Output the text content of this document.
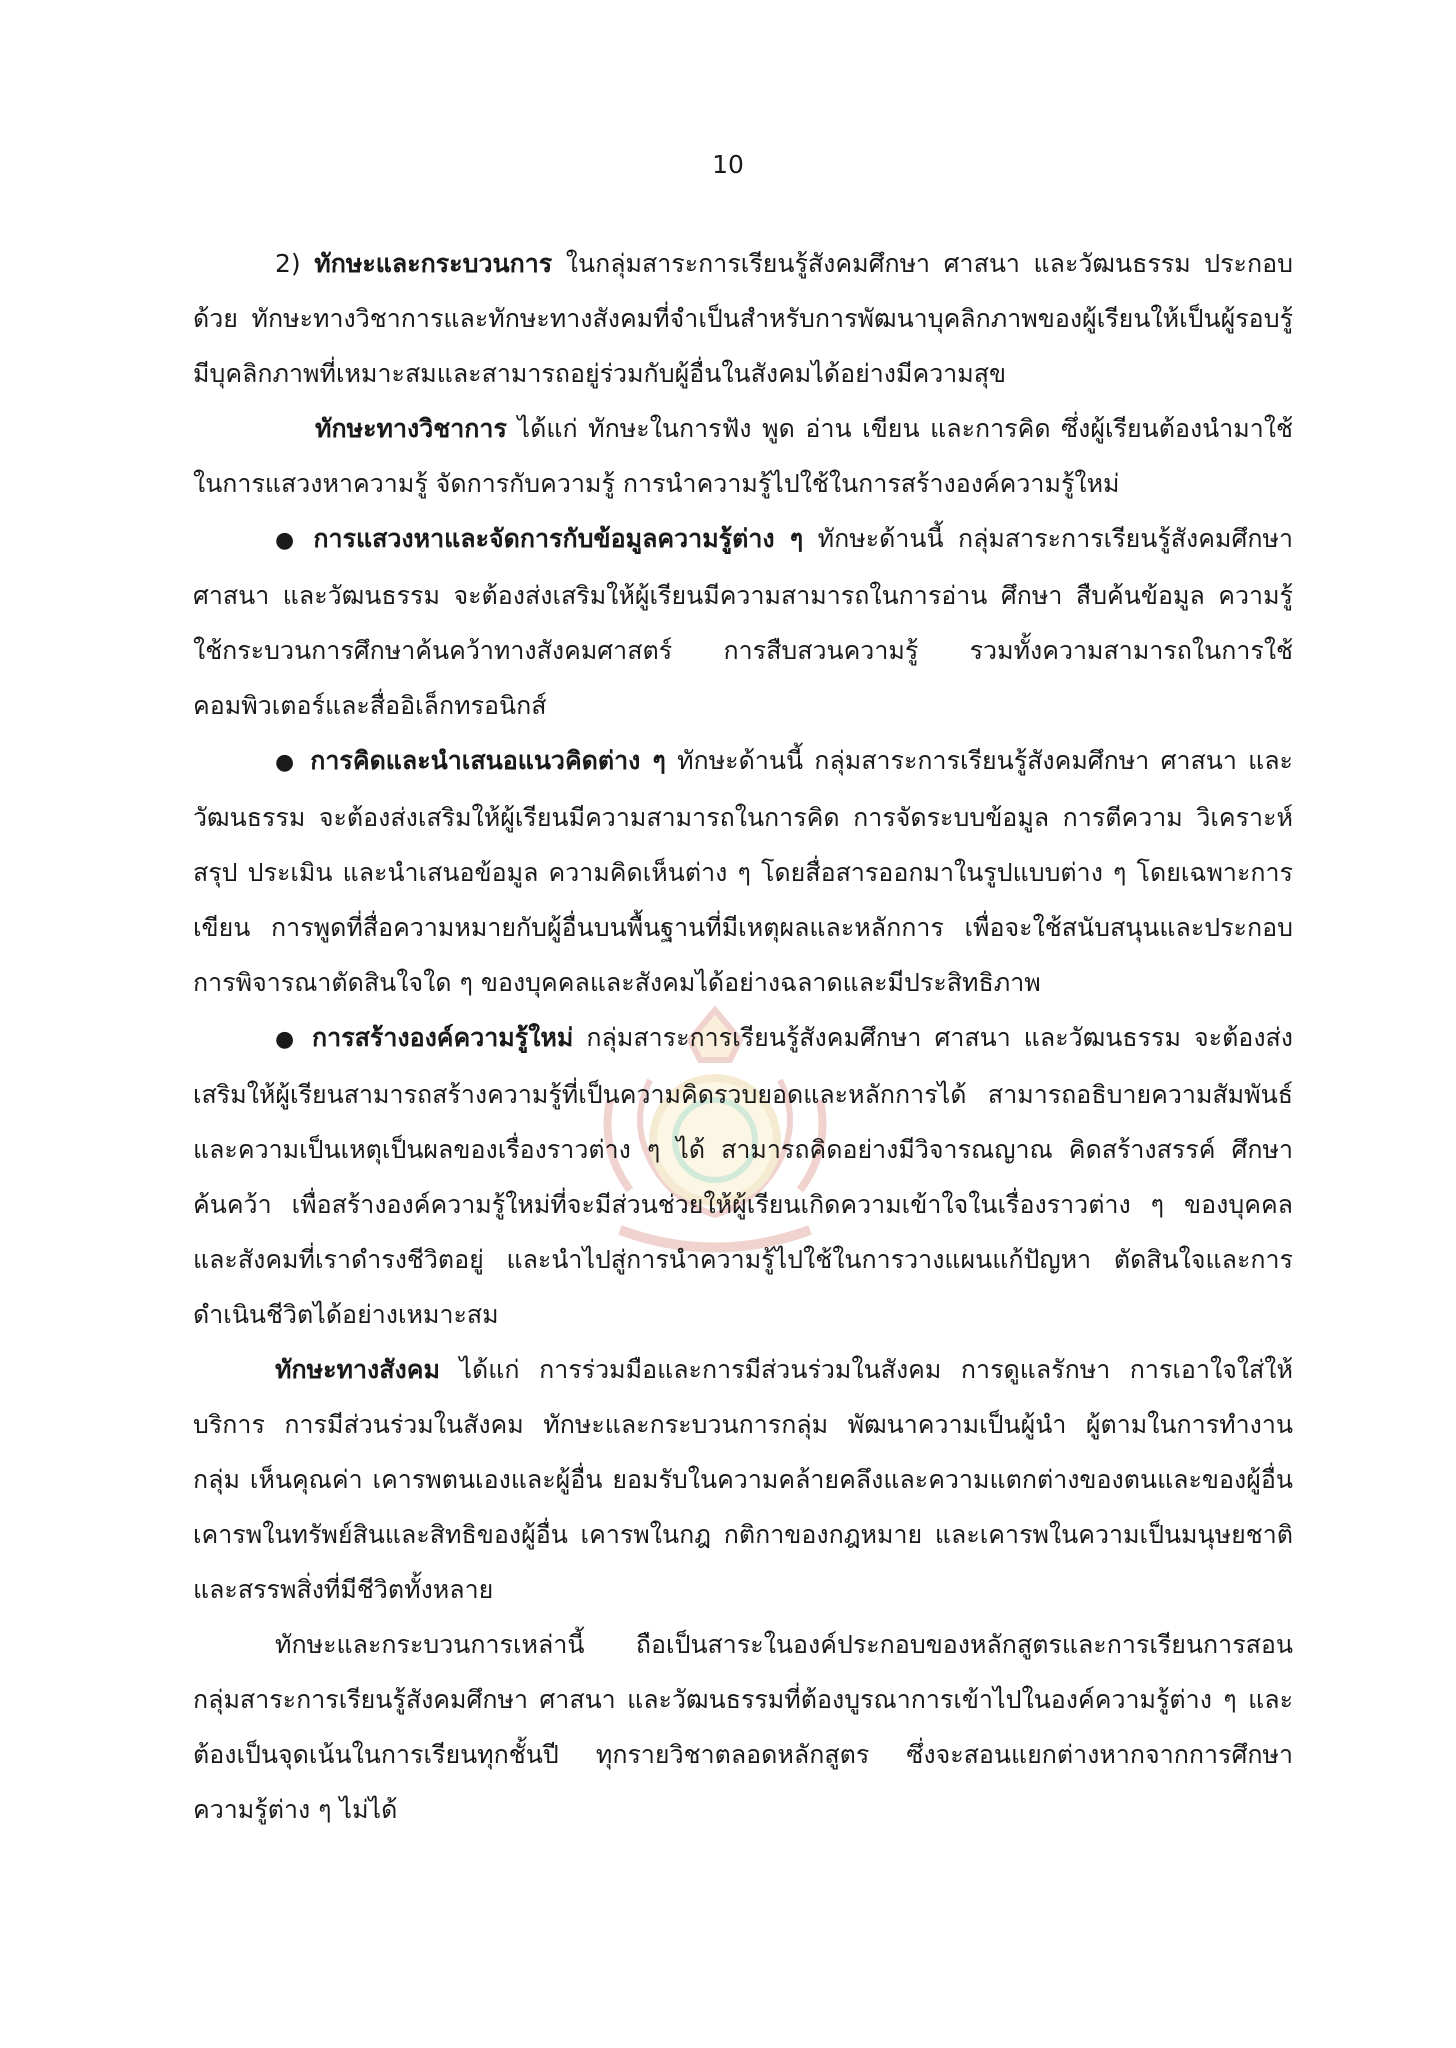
10

2) ทักษะและกระบวนการ ในกลุ่มสาระการเรียนรู้สังคมศึกษา ศาสนา และวัฒนธรรม ประกอบด้วย ทักษะทางวิชาการและทักษะทางสังคมที่จำเป็นสำหรับการพัฒนาบุคลิกภาพของผู้เรียนให้เป็นผู้รอบรู้มีบุคลิกภาพที่เหมาะสมและสามารถอยู่ร่วมกับผู้อื่นในสังคมได้อย่างมีความสุข

ทักษะทางวิชาการ ได้แก่ ทักษะในการฟัง พูด อ่าน เขียน และการคิด ซึ่งผู้เรียนต้องนำมาใช้ในการแสวงหาความรู้ จัดการกับความรู้ การนำความรู้ไปใช้ในการสร้างองค์ความรู้ใหม่

● การแสวงหาและจัดการกับข้อมูลความรู้ต่าง ๆ ทักษะด้านนี้ กลุ่มสาระการเรียนรู้สังคมศึกษา ศาสนา และวัฒนธรรม จะต้องส่งเสริมให้ผู้เรียนมีความสามารถในการอ่าน ศึกษา สืบค้นข้อมูล ความรู้ ใช้กระบวนการศึกษาค้นคว้าทางสังคมศาสตร์ การสืบสวนความรู้ รวมทั้งความสามารถในการใช้คอมพิวเตอร์และสื่ออิเล็กทรอนิกส์

● การคิดและนำเสนอแนวคิดต่าง ๆ ทักษะด้านนี้ กลุ่มสาระการเรียนรู้สังคมศึกษา ศาสนา และวัฒนธรรม จะต้องส่งเสริมให้ผู้เรียนมีความสามารถในการคิด การจัดระบบข้อมูล การตีความ วิเคราะห์ สรุป ประเมิน และนำเสนอข้อมูล ความคิดเห็นต่าง ๆ โดยสื่อสารออกมาในรูปแบบต่าง ๆ โดยเฉพาะการเขียน การพูดที่สื่อความหมายกับผู้อื่นบนพื้นฐานที่มีเหตุผลและหลักการ เพื่อจะใช้สนับสนุนและประกอบการพิจารณาตัดสินใจใด ๆ ของบุคคลและสังคมได้อย่างฉลาดและมีประสิทธิภาพ

● การสร้างองค์ความรู้ใหม่ กลุ่มสาระการเรียนรู้สังคมศึกษา ศาสนา และวัฒนธรรม จะต้องส่งเสริมให้ผู้เรียนสามารถสร้างความรู้ที่เป็นความคิดรวบยอดและหลักการได้ สามารถอธิบายความสัมพันธ์และความเป็นเหตุเป็นผลของเรื่องราวต่าง ๆ ได้ สามารถคิดอย่างมีวิจารณญาณ คิดสร้างสรรค์ ศึกษาค้นคว้า เพื่อสร้างองค์ความรู้ใหม่ที่จะมีส่วนช่วยให้ผู้เรียนเกิดความเข้าใจในเรื่องราวต่าง ๆ ของบุคคลและสังคมที่เราดำรงชีวิตอยู่ และนำไปสู่การนำความรู้ไปใช้ในการวางแผนแก้ปัญหา ตัดสินใจและการดำเนินชีวิตได้อย่างเหมาะสม

ทักษะทางสังคม ได้แก่ การร่วมมือและการมีส่วนร่วมในสังคม การดูแลรักษา การเอาใจใส่ให้บริการ การมีส่วนร่วมในสังคม ทักษะและกระบวนการกลุ่ม พัฒนาความเป็นผู้นำ ผู้ตามในการทำงานกลุ่ม เห็นคุณค่า เคารพตนเองและผู้อื่น ยอมรับในความคล้ายคลึงและความแตกต่างของตนและของผู้อื่น เคารพในทรัพย์สินและสิทธิของผู้อื่น เคารพในกฎ กติกาของกฎหมาย และเคารพในความเป็นมนุษยชาติ และสรรพสิ่งที่มีชีวิตทั้งหลาย

ทักษะและกระบวนการเหล่านี้ ถือเป็นสาระในองค์ประกอบของหลักสูตรและการเรียนการสอน กลุ่มสาระการเรียนรู้สังคมศึกษา ศาสนา และวัฒนธรรมที่ต้องบูรณาการเข้าไปในองค์ความรู้ต่าง ๆ และต้องเป็นจุดเน้นในการเรียนทุกชั้นปี ทุกรายวิชาตลอดหลักสูตร ซึ่งจะสอนแยกต่างหากจากการศึกษาความรู้ต่าง ๆ ไม่ได้
